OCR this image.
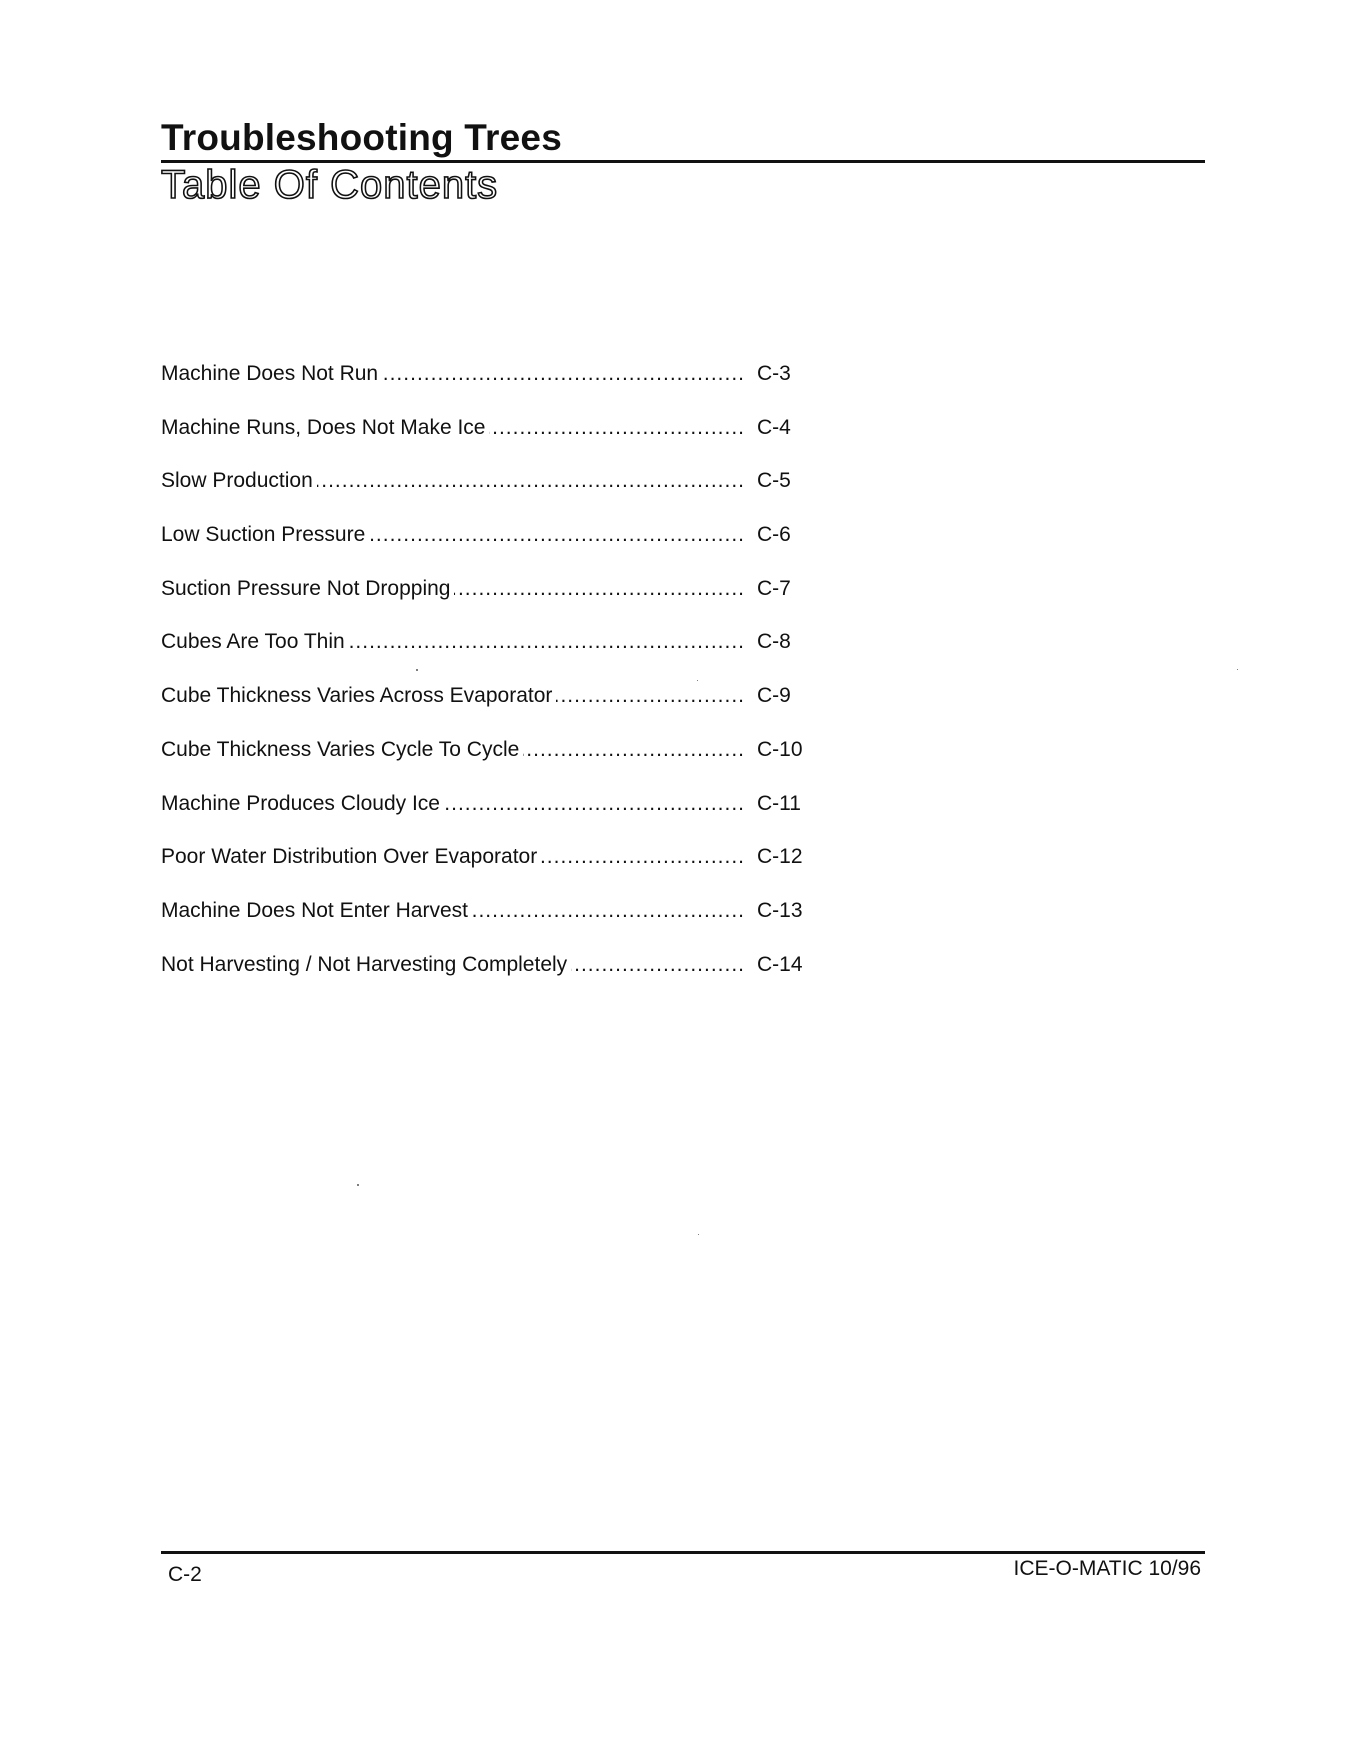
Troubleshooting Trees
Table Of Contents
Machine Does Not Run .....	C-3
Machine Runs, Does Not Make Ice .....	C-4
Slow Production .....	C-5
Low Suction Pressure .....	C-6
Suction Pressure Not Dropping .....	C-7
Cubes Are Too Thin .....	C-8
Cube Thickness Varies Across Evaporator .....	C-9
Cube Thickness Varies Cycle To Cycle .....	C-10
Machine Produces Cloudy Ice .....	C-11
Poor Water Distribution Over Evaporator .....	C-12
Machine Does Not Enter Harvest .....	C-13
Not Harvesting / Not Harvesting Completely .....	C-14
C-2	ICE-O-MATIC 10/96
